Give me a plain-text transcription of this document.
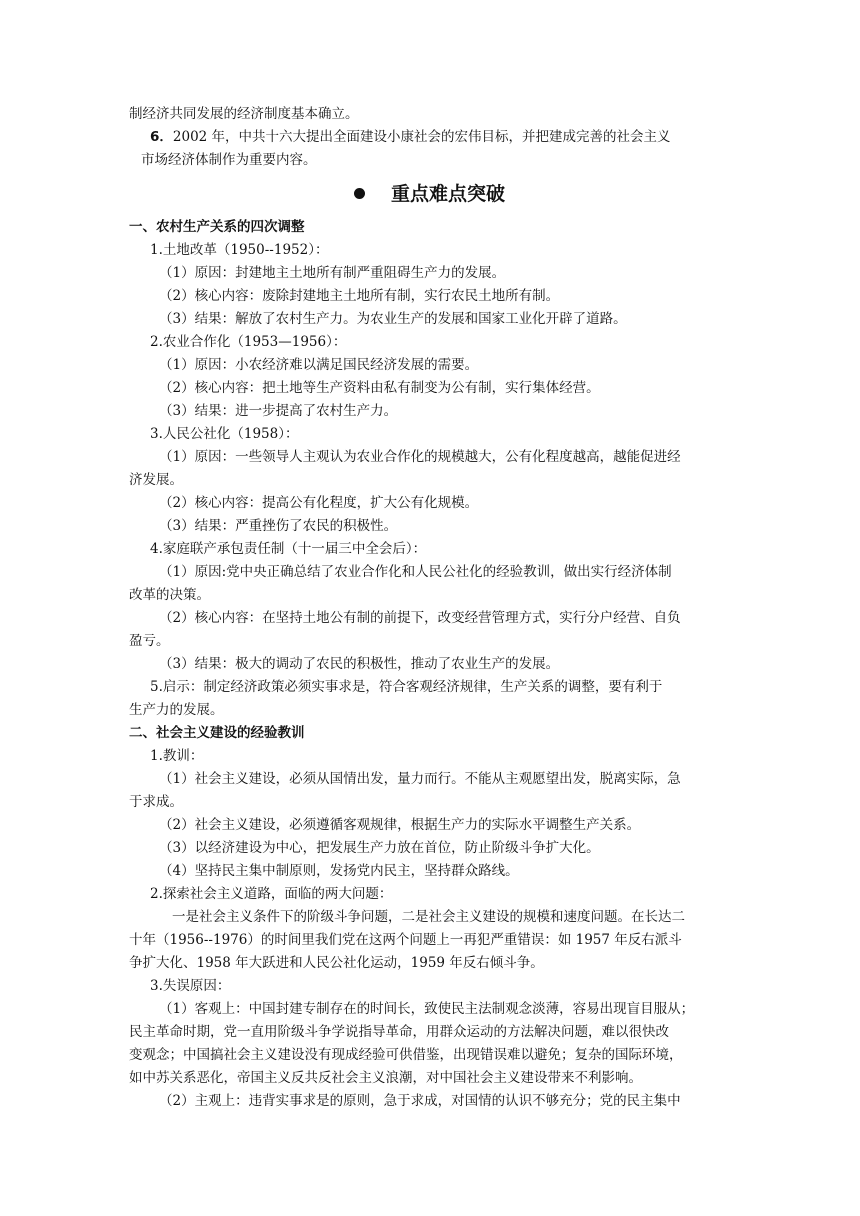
制经济共同发展的经济制度基本确立。
6．2002 年，中共十六大提出全面建设小康社会的宏伟目标，并把建成完善的社会主义
市场经济体制作为重要内容。
重点难点突破
一、农村生产关系的四次调整
1.土地改革（1950--1952）：
（1）原因：封建地主土地所有制严重阻碍生产力的发展。
（2）核心内容：废除封建地主土地所有制，实行农民土地所有制。
（3）结果：解放了农村生产力。为农业生产的发展和国家工业化开辟了道路。
2.农业合作化（1953—1956）：
（1）原因：小农经济难以满足国民经济发展的需要。
（2）核心内容：把土地等生产资料由私有制变为公有制，实行集体经营。
（3）结果：进一步提高了农村生产力。
3.人民公社化（1958）：
（1）原因：一些领导人主观认为农业合作化的规模越大，公有化程度越高，越能促进经
济发展。
（2）核心内容：提高公有化程度，扩大公有化规模。
（3）结果：严重挫伤了农民的积极性。
4.家庭联产承包责任制（十一届三中全会后）：
（1）原因:党中央正确总结了农业合作化和人民公社化的经验教训，做出实行经济体制
改革的决策。
（2）核心内容：在坚持土地公有制的前提下，改变经营管理方式，实行分户经营、自负
盈亏。
（3）结果：极大的调动了农民的积极性，推动了农业生产的发展。
5.启示：制定经济政策必须实事求是，符合客观经济规律，生产关系的调整，要有利于
生产力的发展。
二、社会主义建设的经验教训
1.教训：
（1）社会主义建设，必须从国情出发，量力而行。不能从主观愿望出发，脱离实际，急
于求成。
（2）社会主义建设，必须遵循客观规律，根据生产力的实际水平调整生产关系。
（3）以经济建设为中心，把发展生产力放在首位，防止阶级斗争扩大化。
（4）坚持民主集中制原则，发扬党内民主，坚持群众路线。
2.探索社会主义道路，面临的两大问题：
一是社会主义条件下的阶级斗争问题，二是社会主义建设的规模和速度问题。在长达二
十年（1956--1976）的时间里我们党在这两个问题上一再犯严重错误：如 1957 年反右派斗
争扩大化、1958 年大跃进和人民公社化运动，1959 年反右倾斗争。
3.失误原因：
（1）客观上：中国封建专制存在的时间长，致使民主法制观念淡薄，容易出现盲目服从；
民主革命时期，党一直用阶级斗争学说指导革命，用群众运动的方法解决问题，难以很快改
变观念；中国搞社会主义建设没有现成经验可供借鉴，出现错误难以避免；复杂的国际环境，
如中苏关系恶化，帝国主义反共反社会主义浪潮，对中国社会主义建设带来不利影响。
（2）主观上：违背实事求是的原则，急于求成，对国情的认识不够充分；党的民主集中
